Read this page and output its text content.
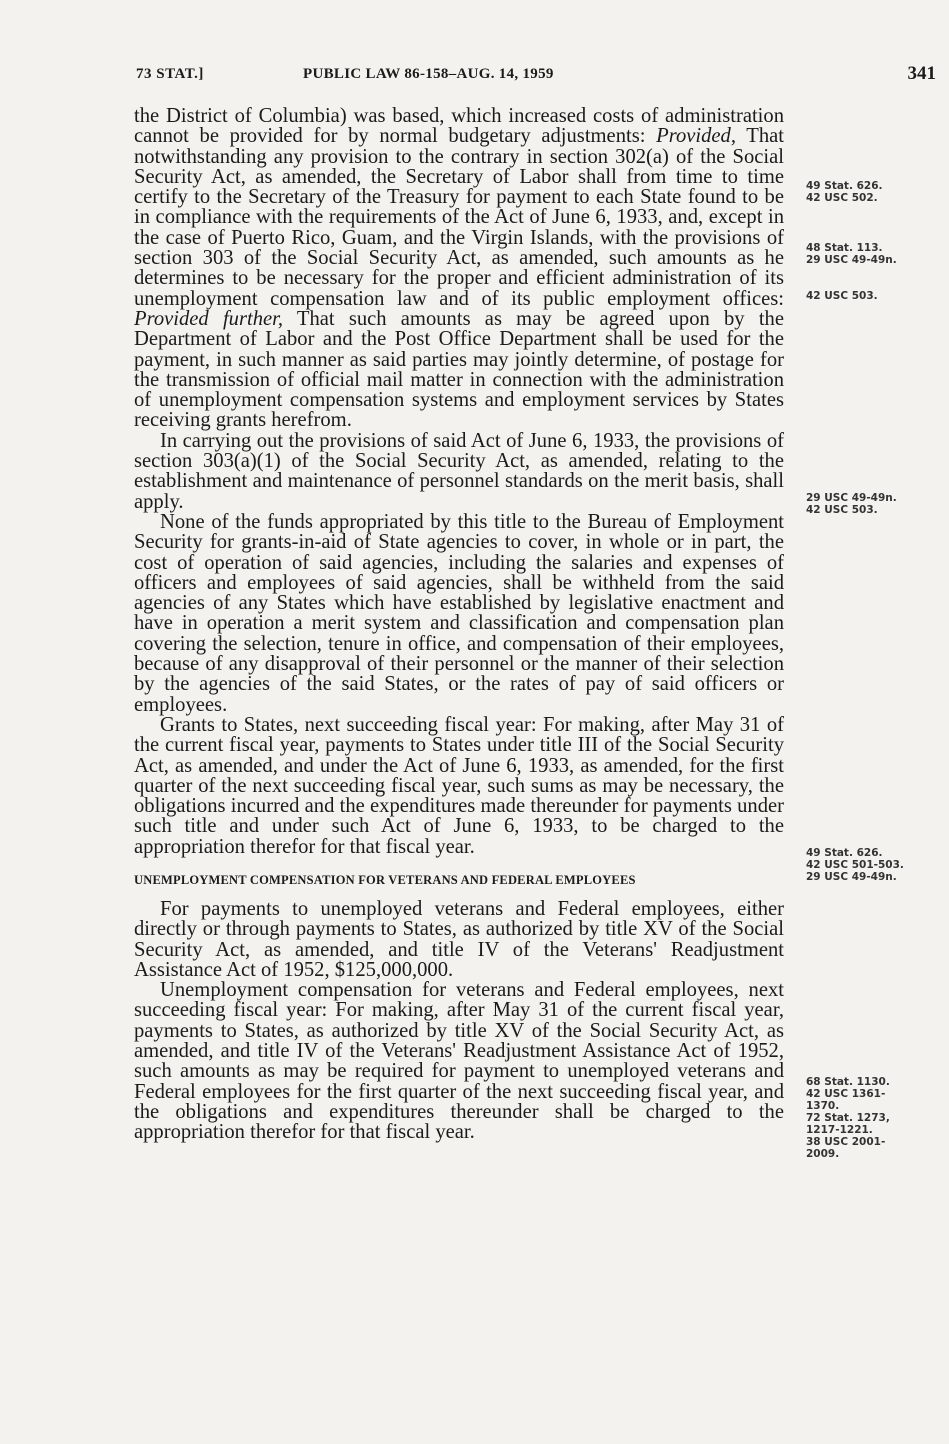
73 STAT.]	PUBLIC LAW 86-158–AUG. 14, 1959	341

the District of Columbia) was based, which increased costs of administration cannot be provided for by normal budgetary adjustments: Provided, That notwithstanding any provision to the contrary in section 302(a) of the Social Security Act, as amended, the Secretary of Labor shall from time to time certify to the Secretary of the Treasury for payment to each State found to be in compliance with the requirements of the Act of June 6, 1933, and, except in the case of Puerto Rico, Guam, and the Virgin Islands, with the provisions of section 303 of the Social Security Act, as amended, such amounts as he determines to be necessary for the proper and efficient administration of its unemployment compensation law and of its public employment offices: Provided further, That such amounts as may be agreed upon by the Department of Labor and the Post Office Department shall be used for the payment, in such manner as said parties may jointly determine, of postage for the transmission of official mail matter in connection with the administration of unemployment compensation systems and employment services by States receiving grants herefrom.

In carrying out the provisions of said Act of June 6, 1933, the provisions of section 303(a)(1) of the Social Security Act, as amended, relating to the establishment and maintenance of personnel standards on the merit basis, shall apply.

None of the funds appropriated by this title to the Bureau of Employment Security for grants-in-aid of State agencies to cover, in whole or in part, the cost of operation of said agencies, including the salaries and expenses of officers and employees of said agencies, shall be withheld from the said agencies of any States which have established by legislative enactment and have in operation a merit system and classification and compensation plan covering the selection, tenure in office, and compensation of their employees, because of any disapproval of their personnel or the manner of their selection by the agencies of the said States, or the rates of pay of said officers or employees.

Grants to States, next succeeding fiscal year: For making, after May 31 of the current fiscal year, payments to States under title III of the Social Security Act, as amended, and under the Act of June 6, 1933, as amended, for the first quarter of the next succeeding fiscal year, such sums as may be necessary, the obligations incurred and the expenditures made thereunder for payments under such title and under such Act of June 6, 1933, to be charged to the appropriation therefor for that fiscal year.

UNEMPLOYMENT COMPENSATION FOR VETERANS AND FEDERAL EMPLOYEES

For payments to unemployed veterans and Federal employees, either directly or through payments to States, as authorized by title XV of the Social Security Act, as amended, and title IV of the Veterans' Readjustment Assistance Act of 1952, $125,000,000.

Unemployment compensation for veterans and Federal employees, next succeeding fiscal year: For making, after May 31 of the current fiscal year, payments to States, as authorized by title XV of the Social Security Act, as amended, and title IV of the Veterans' Readjustment Assistance Act of 1952, such amounts as may be required for payment to unemployed veterans and Federal employees for the first quarter of the next succeeding fiscal year, and the obligations and expenditures thereunder shall be charged to the appropriation therefor for that fiscal year.

49 Stat. 626.
42 USC 502.
48 Stat. 113.
29 USC 49-49n.
42 USC 503.
29 USC 49-49n.
42 USC 503.
49 Stat. 626.
42 USC 501-503.
29 USC 49-49n.
68 Stat. 1130.
42 USC 1361-
1370.
72 Stat. 1273,
1217-1221.
38 USC 2001-
2009.
